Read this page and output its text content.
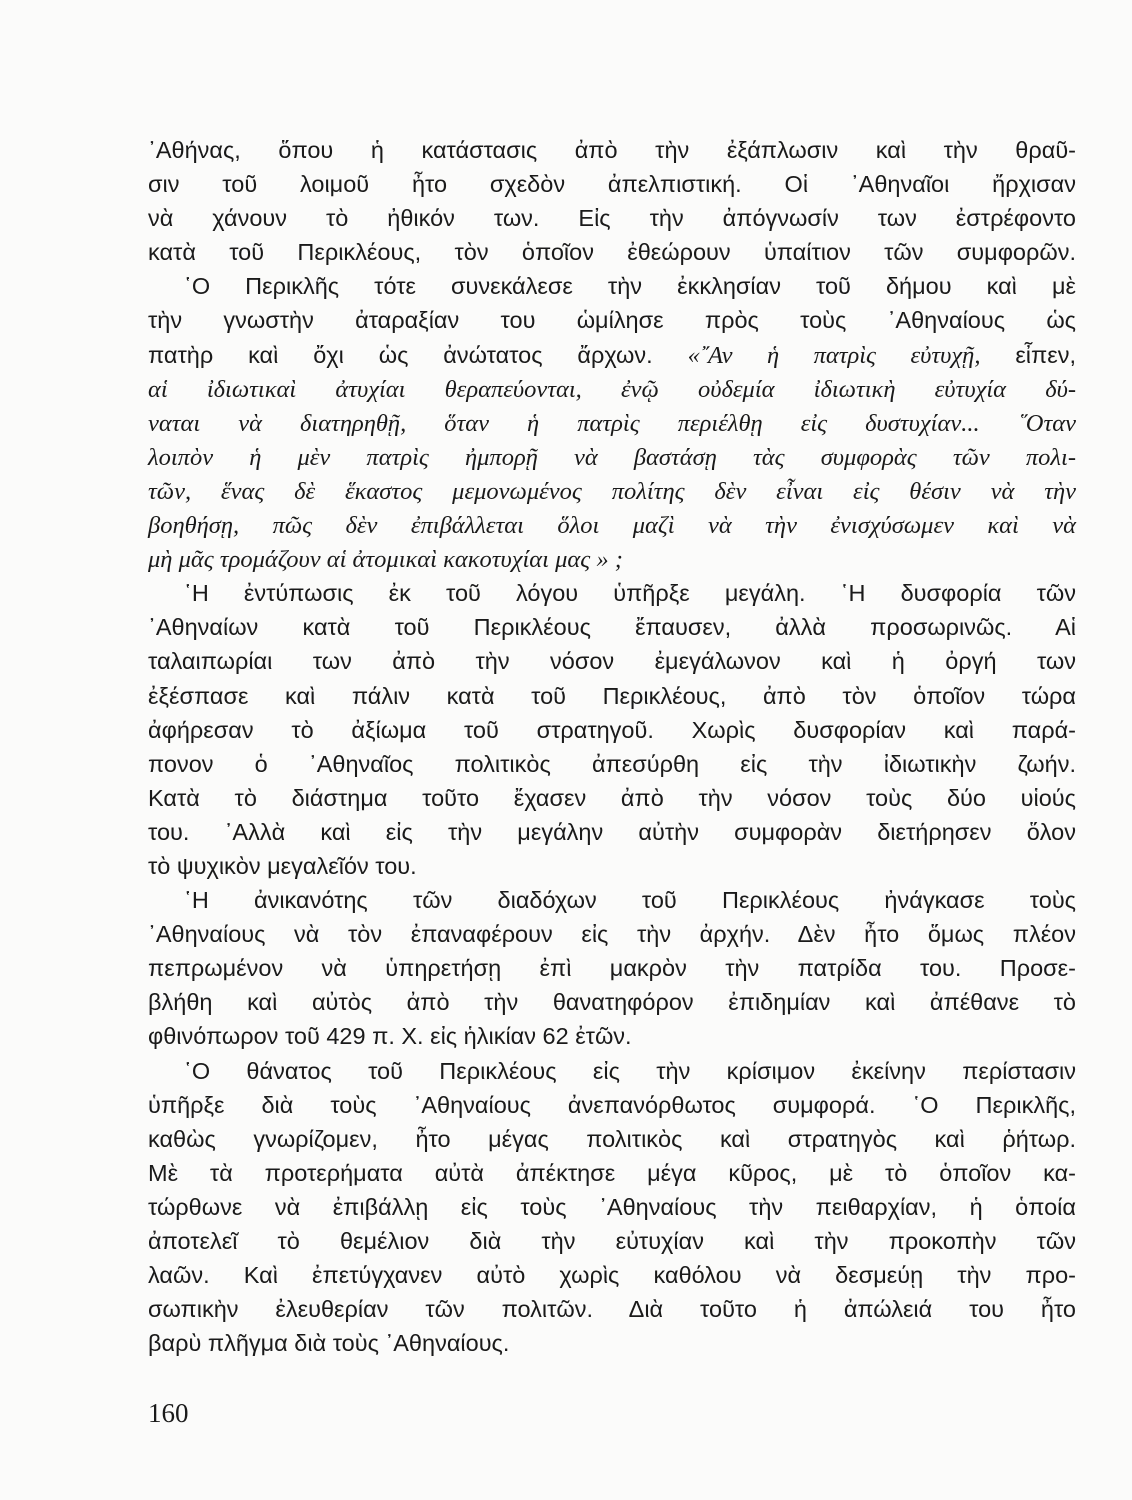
᾿Αθήνας, ὅπου ἡ κατάστασις ἀπὸ τὴν ἐξάπλωσιν καὶ τὴν θραῦ-
σιν τοῦ λοιμοῦ ἦτο σχεδὸν ἀπελπιστική. Οἱ ᾿Αθηναῖοι ἤρχισαν
νὰ χάνουν τὸ ἠθικόν των. Εἰς τὴν ἀπόγνωσίν των ἐστρέφοντο
κατὰ τοῦ Περικλέους, τὸν ὁποῖον ἐθεώρουν ὑπαίτιον τῶν συμφορῶν.
῾Ο Περικλῆς τότε συνεκάλεσε τὴν ἐκκλησίαν τοῦ δήμου καὶ μὲ
τὴν γνωστὴν ἀταραξίαν του ὡμίλησε πρὸς τοὺς ᾿Αθηναίους ὡς
πατὴρ καὶ ὄχι ὡς ἀνώτατος ἄρχων. «῎Αν ἡ πατρὶς εὐτυχῇ, εἶπεν,
αἱ ἰδιωτικαὶ ἀτυχίαι θεραπεύονται, ἐνῷ οὐδεμία ἰδιωτικὴ εὐτυχία δύ-
ναται νὰ διατηρηθῇ, ὅταν ἡ πατρὶς περιέλθῃ εἰς δυστυχίαν... ῞Οταν
λοιπὸν ἡ μὲν πατρὶς ἠμπορῇ νὰ βαστάσῃ τὰς συμφορὰς τῶν πολι-
τῶν, ἕνας δὲ ἕκαστος μεμονωμένος πολίτης δὲν εἶναι εἰς θέσιν νὰ τὴν
βοηθήσῃ, πῶς δὲν ἐπιβάλλεται ὅλοι μαζὶ νὰ τὴν ἐνισχύσωμεν καὶ νὰ
μὴ μᾶς τρομάζουν αἱ ἀτομικαὶ κακοτυχίαι μας » ;
῾Η ἐντύπωσις ἐκ τοῦ λόγου ὑπῆρξε μεγάλη. ῾Η δυσφορία τῶν
᾿Αθηναίων κατὰ τοῦ Περικλέους ἔπαυσεν, ἀλλὰ προσωρινῶς. Αἱ
ταλαιπωρίαι των ἀπὸ τὴν νόσον ἐμεγάλωνον καὶ ἡ ὀργή των
ἐξέσπασε καὶ πάλιν κατὰ τοῦ Περικλέους, ἀπὸ τὸν ὁποῖον τώρα
ἀφήρεσαν τὸ ἀξίωμα τοῦ στρατηγοῦ. Χωρὶς δυσφορίαν καὶ παρά-
πονον ὁ ᾿Αθηναῖος πολιτικὸς ἀπεσύρθη εἰς τὴν ἰδιωτικὴν ζωήν.
Κατὰ τὸ διάστημα τοῦτο ἔχασεν ἀπὸ τὴν νόσον τοὺς δύο υἱούς
του. ᾿Αλλὰ καὶ εἰς τὴν μεγάλην αὐτὴν συμφορὰν διετήρησεν ὅλον
τὸ ψυχικὸν μεγαλεῖόν του.
῾Η ἀνικανότης τῶν διαδόχων τοῦ Περικλέους ἠνάγκασε τοὺς
᾿Αθηναίους νὰ τὸν ἐπαναφέρουν εἰς τὴν ἀρχήν. Δὲν ἦτο ὅμως πλέον
πεπρωμένον νὰ ὑπηρετήσῃ ἐπὶ μακρὸν τὴν πατρίδα του. Προσε-
βλήθη καὶ αὐτὸς ἀπὸ τὴν θανατηφόρον ἐπιδημίαν καὶ ἀπέθανε τὸ
φθινόπωρον τοῦ 429 π. Χ. εἰς ἡλικίαν 62 ἐτῶν.
῾Ο θάνατος τοῦ Περικλέους εἰς τὴν κρίσιμον ἐκείνην περίστασιν
ὑπῆρξε διὰ τοὺς ᾿Αθηναίους ἀνεπανόρθωτος συμφορά. ῾Ο Περικλῆς,
καθὼς γνωρίζομεν, ἦτο μέγας πολιτικὸς καὶ στρατηγὸς καὶ ῥήτωρ.
Μὲ τὰ προτερήματα αὐτὰ ἀπέκτησε μέγα κῦρος, μὲ τὸ ὁποῖον κα-
τώρθωνε νὰ ἐπιβάλλῃ εἰς τοὺς ᾿Αθηναίους τὴν πειθαρχίαν, ἡ ὁποία
ἀποτελεῖ τὸ θεμέλιον διὰ τὴν εὐτυχίαν καὶ τὴν προκοπὴν τῶν
λαῶν. Καὶ ἐπετύγχανεν αὐτὸ χωρὶς καθόλου νὰ δεσμεύῃ τὴν προ-
σωπικὴν ἐλευθερίαν τῶν πολιτῶν. Διὰ τοῦτο ἡ ἀπώλειά του ἦτο
βαρὺ πλῆγμα διὰ τοὺς ᾿Αθηναίους.
160
